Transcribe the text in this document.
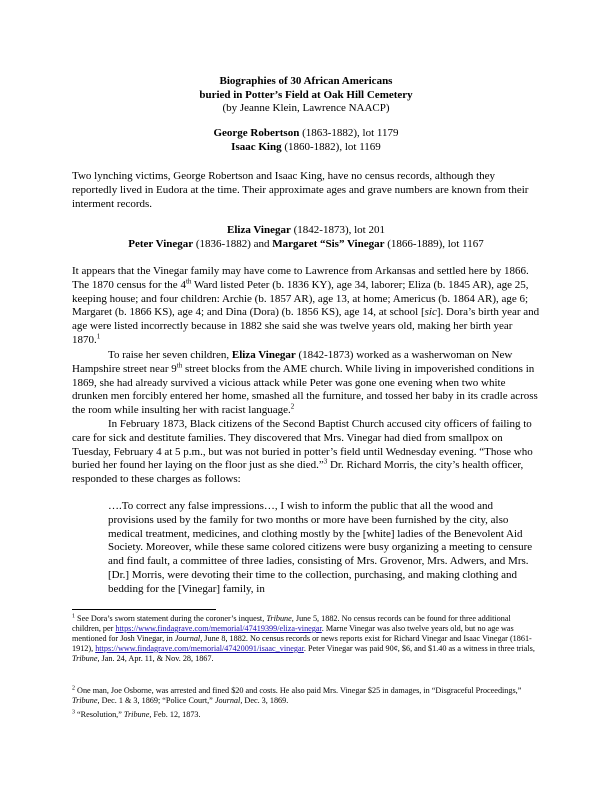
Biographies of 30 African Americans
buried in Potter’s Field at Oak Hill Cemetery
(by Jeanne Klein, Lawrence NAACP)
George Robertson (1863-1882), lot 1179
Isaac King (1860-1882), lot 1169

Two lynching victims, George Robertson and Isaac King, have no census records, although they reportedly lived in Eudora at the time. Their approximate ages and grave numbers are known from their interment records.

Eliza Vinegar (1842-1873), lot 201
Peter Vinegar (1836-1882) and Margaret “Sis” Vinegar (1866-1889), lot 1167

It appears that the Vinegar family may have come to Lawrence from Arkansas and settled here by 1866. The 1870 census for the 4th Ward listed Peter (b. 1836 KY), age 34, laborer; Eliza (b. 1845 AR), age 25, keeping house; and four children: Archie (b. 1857 AR), age 13, at home; Americus (b. 1864 AR), age 6; Margaret (b. 1866 KS), age 4; and Dina (Dora) (b. 1856 KS), age 14, at school [sic]. Dora’s birth year and age were listed incorrectly because in 1882 she said she was twelve years old, making her birth year 1870.$^1$

To raise her seven children, Eliza Vinegar (1842-1873) worked as a washerwoman on New Hampshire street near 9th street blocks from the AME church. While living in impoverished conditions in 1869, she had already survived a vicious attack while Peter was gone one evening when two white drunken men forcibly entered her home, smashed all the furniture, and tossed her baby in its cradle across the room while insulting her with racist language.$^2$

In February 1873, Black citizens of the Second Baptist Church accused city officers of failing to care for sick and destitute families. They discovered that Mrs. Vinegar had died from smallpox on Tuesday, February 4 at 5 p.m., but was not buried in potter’s field until Wednesday evening. “Those who buried her found her laying on the floor just as she died.”$^3$ Dr. Richard Morris, the city’s health officer, responded to these charges as follows:

….To correct any false impressions…, I wish to inform the public that all the wood and provisions used by the family for two months or more have been furnished by the city, also medical treatment, medicines, and clothing mostly by the [white] ladies of the Benevolent Aid Society. Moreover, while these same colored citizens were busy organizing a meeting to censure and find fault, a committee of three ladies, consisting of Mrs. Grovenor, Mrs. Adwers, and Mrs. [Dr.] Morris, were devoting their time to the collection, purchasing, and making clothing and bedding for the [Vinegar] family, in

$^1$ See Dora’s sworn statement during the coroner’s inquest, Tribune, June 5, 1882. No census records can be found for three additional children, per https://www.findagrave.com/memorial/47419399/eliza-vinegar. Marne Vinegar was also twelve years old, but no age was mentioned for Josh Vinegar, in Journal, June 8, 1882. No census records or news reports exist for Richard Vinegar and Isaac Vinegar (1861-1912), https://www.findagrave.com/memorial/47420091/isaac_vinegar. Peter Vinegar was paid 90¢, $6, and $1.40 as a witness in three trials, Tribune, Jan. 24, Apr. 11, & Nov. 28, 1867.

$^2$ One man, Joe Osborne, was arrested and fined $20 and costs. He also paid Mrs. Vinegar $25 in damages, in “Disgraceful Proceedings,” Tribune, Dec. 1 & 3, 1869; “Police Court,” Journal, Dec. 3, 1869.

$^3$ “Resolution,” Tribune, Feb. 12, 1873.
